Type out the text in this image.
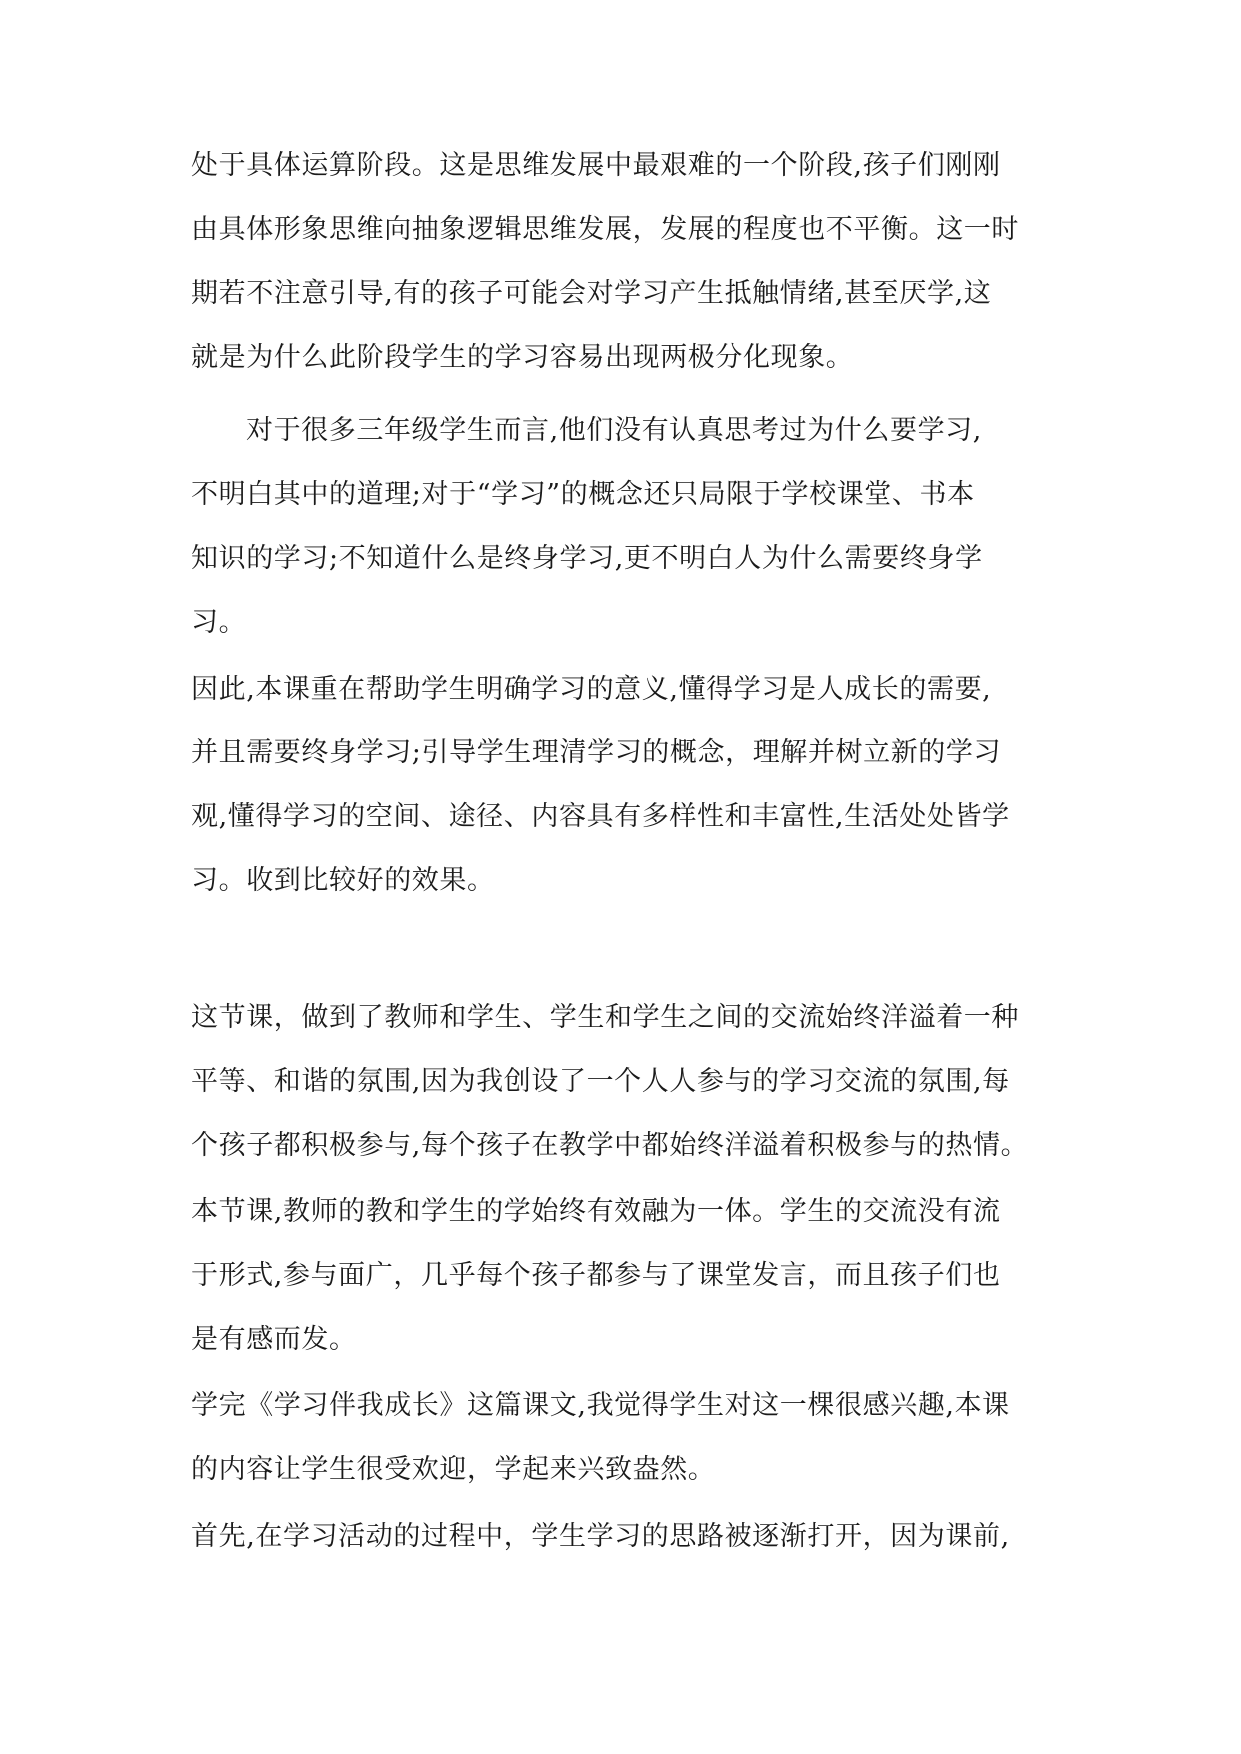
处于具体运算阶段。这是思维发展中最艰难的一个阶段,孩子们刚刚
由具体形象思维向抽象逻辑思维发展，发展的程度也不平衡。这一时
期若不注意引导,有的孩子可能会对学习产生抵触情绪,甚至厌学,这
就是为什么此阶段学生的学习容易出现两极分化现象。
对于很多三年级学生而言,他们没有认真思考过为什么要学习,
不明白其中的道理;对于“学习”的概念还只局限于学校课堂、书本
知识的学习;不知道什么是终身学习,更不明白人为什么需要终身学
习。
因此,本课重在帮助学生明确学习的意义,懂得学习是人成长的需要,
并且需要终身学习;引导学生理清学习的概念，理解并树立新的学习
观,懂得学习的空间、途径、内容具有多样性和丰富性,生活处处皆学
习。收到比较好的效果。
这节课，做到了教师和学生、学生和学生之间的交流始终洋溢着一种
平等、和谐的氛围,因为我创设了一个人人参与的学习交流的氛围,每
个孩子都积极参与,每个孩子在教学中都始终洋溢着积极参与的热情。
本节课,教师的教和学生的学始终有效融为一体。学生的交流没有流
于形式,参与面广，几乎每个孩子都参与了课堂发言，而且孩子们也
是有感而发。
学完《学习伴我成长》这篇课文,我觉得学生对这一棵很感兴趣,本课
的内容让学生很受欢迎，学起来兴致盎然。
首先,在学习活动的过程中，学生学习的思路被逐渐打开，因为课前,
